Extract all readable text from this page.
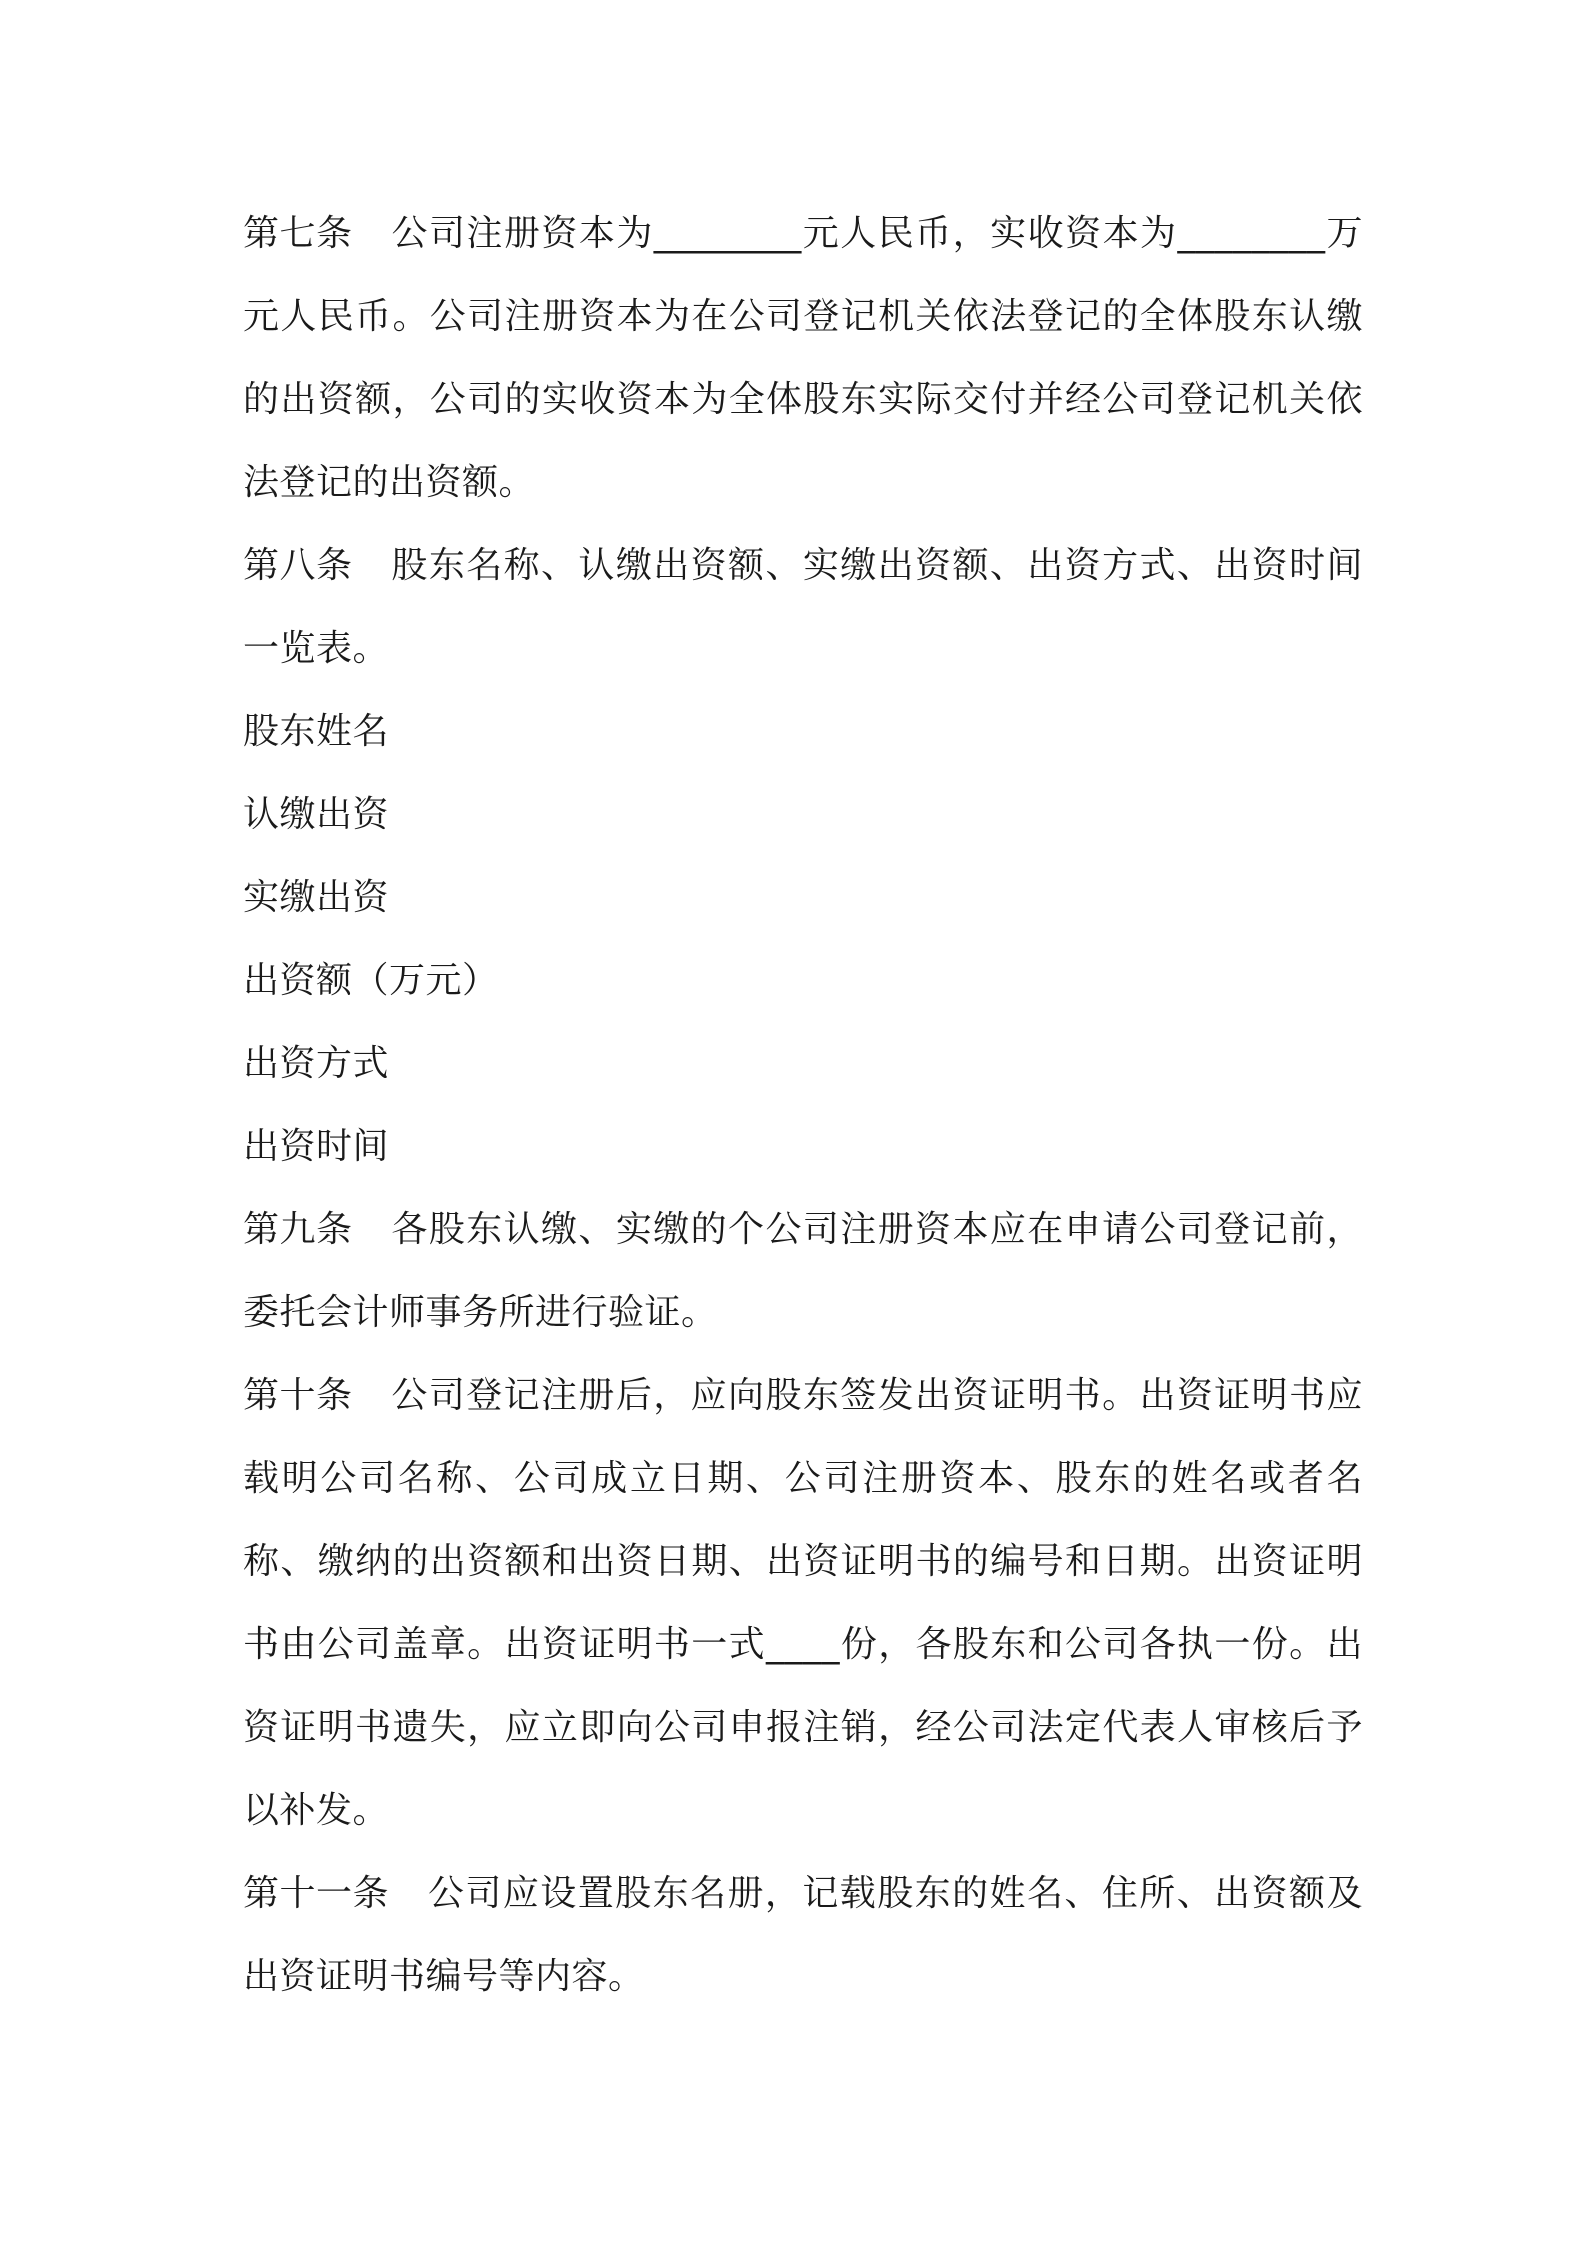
第七条 公司注册资本为________元人民币，实收资本为________万元人民币。公司注册资本为在公司登记机关依法登记的全体股东认缴的出资额，公司的实收资本为全体股东实际交付并经公司登记机关依法登记的出资额。

第八条 股东名称、认缴出资额、实缴出资额、出资方式、出资时间一览表。

股东姓名

认缴出资

实缴出资

出资额（万元）

出资方式

出资时间

第九条 各股东认缴、实缴的个公司注册资本应在申请公司登记前，委托会计师事务所进行验证。

第十条 公司登记注册后，应向股东签发出资证明书。出资证明书应载明公司名称、公司成立日期、公司注册资本、股东的姓名或者名称、缴纳的出资额和出资日期、出资证明书的编号和日期。出资证明书由公司盖章。出资证明书一式____份，各股东和公司各执一份。出资证明书遗失，应立即向公司申报注销，经公司法定代表人审核后予以补发。

第十一条 公司应设置股东名册，记载股东的姓名、住所、出资额及出资证明书编号等内容。
